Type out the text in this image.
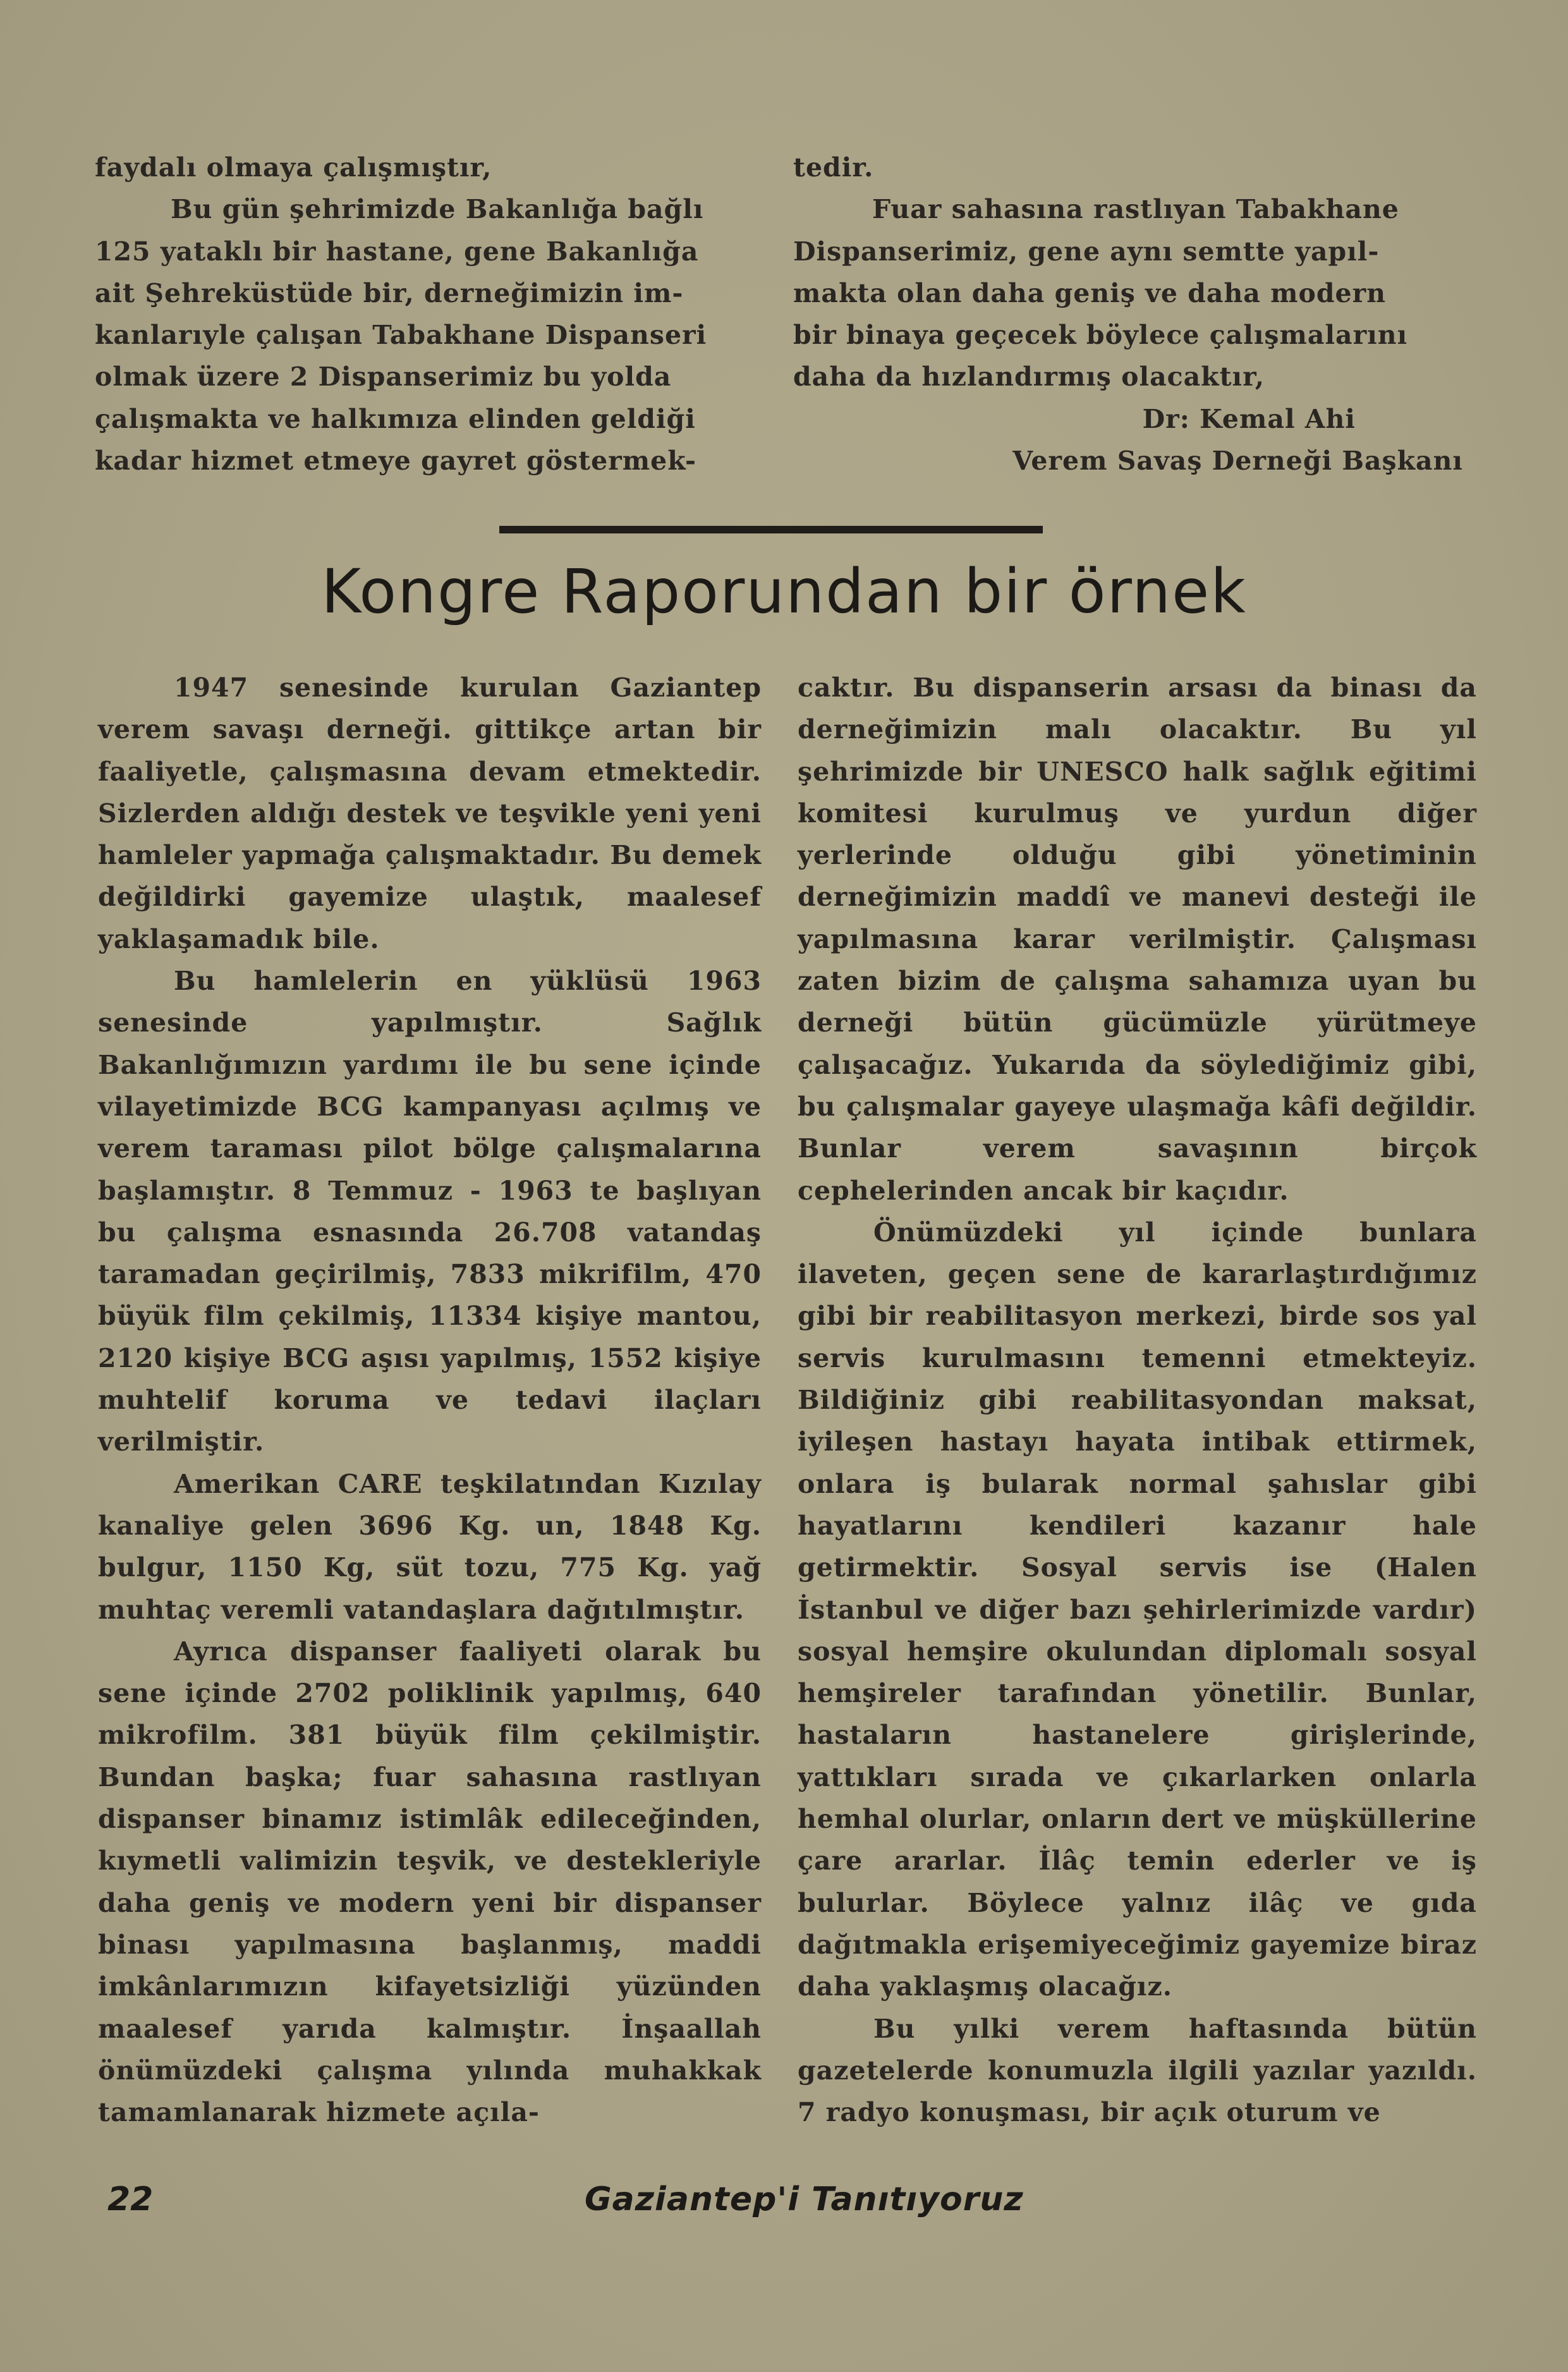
faydalı olmaya çalışmıştır,
Bu gün şehrimizde Bakanlığa bağlı
125 yataklı bir hastane, gene Bakanlığa
ait Şehreküstüde bir, derneğimizin im-
kanlarıyle çalışan Tabakhane Dispanseri
olmak üzere 2 Dispanserimiz bu yolda
çalışmakta ve halkımıza elinden geldiği
kadar hizmet etmeye gayret göstermek-
tedir.
Fuar sahasına rastlıyan Tabakhane
Dispanserimiz, gene aynı semtte yapıl-
makta olan daha geniş ve daha modern
bir binaya geçecek böylece çalışmalarını
daha da hızlandırmış olacaktır,
Dr: Kemal Ahi
Verem Savaş Derneği Başkanı
Kongre Raporundan bir örnek

1947 senesinde kurulan Gaziantep verem savaşı derneği. gittikçe artan bir faaliyetle, çalışmasına devam etmektedir. Sizlerden aldığı destek ve teşvikle yeni yeni hamleler yapmağa çalışmaktadır. Bu demek değildirki gayemize ulaştık, maalesef yaklaşamadık bile.

Bu hamlelerin en yüklüsü 1963 senesinde yapılmıştır. Sağlık Bakanlığımızın yardımı ile bu sene içinde vilayetimizde BCG kampanyası açılmış ve verem taraması pilot bölge çalışmalarına başlamıştır. 8 Temmuz - 1963 te başlıyan bu çalışma esnasında 26.708 vatandaş taramadan geçirilmiş, 7833 mikrifilm, 470 büyük film çekilmiş, 11334 kişiye mantou, 2120 kişiye BCG aşısı yapılmış, 1552 kişiye muhtelif koruma ve tedavi ilaçları verilmiştir.

Amerikan CARE teşkilatından Kızılay kanaliye gelen 3696 Kg. un, 1848 Kg. bulgur, 1150 Kg, süt tozu, 775 Kg. yağ muhtaç veremli vatandaşlara dağıtılmıştır.

Ayrıca dispanser faaliyeti olarak bu sene içinde 2702 poliklinik yapılmış, 640 mikrofilm. 381 büyük film çekilmiştir. Bundan başka; fuar sahasına rastlıyan dispanser binamız istimlâk edileceğinden, kıymetli valimizin teşvik, ve destekleriyle daha geniş ve modern yeni bir dispanser binası yapılmasına başlanmış, maddi imkânlarımızın kifayetsizliği yüzünden maalesef yarıda kalmıştır. İnşaallah önümüzdeki çalışma yılında muhakkak tamamlanarak hizmete açıla-

caktır. Bu dispanserin arsası da binası da derneğimizin malı olacaktır. Bu yıl şehrimizde bir UNESCO halk sağlık eğitimi komitesi kurulmuş ve yurdun diğer yerlerinde olduğu gibi yönetiminin derneğimizin maddî ve manevi desteği ile yapılmasına karar verilmiştir. Çalışması zaten bizim de çalışma sahamıza uyan bu derneği bütün gücümüzle yürütmeye çalışacağız. Yukarıda da söylediğimiz gibi, bu çalışmalar gayeye ulaşmağa kâfi değildir. Bunlar verem savaşının birçok cephelerinden ancak bir kaçıdır.

Önümüzdeki yıl içinde bunlara ilaveten, geçen sene de kararlaştırdığımız gibi bir reabilitasyon merkezi, birde sos yal servis kurulmasını temenni etmekteyiz. Bildiğiniz gibi reabilitasyondan maksat, iyileşen hastayı hayata intibak ettirmek, onlara iş bularak normal şahıslar gibi hayatlarını kendileri kazanır hale getirmektir. Sosyal servis ise (Halen İstanbul ve diğer bazı şehirlerimizde vardır) sosyal hemşire okulundan diplomalı sosyal hemşireler tarafından yönetilir. Bunlar, hastaların hastanelere girişlerinde, yattıkları sırada ve çıkarlarken onlarla hemhal olurlar, onların dert ve müşküllerine çare ararlar. İlâç temin ederler ve iş bulurlar. Böylece yalnız ilâç ve gıda dağıtmakla erişemiyeceğimiz gayemize biraz daha yaklaşmış olacağız.

Bu yılki verem haftasında bütün gazetelerde konumuzla ilgili yazılar yazıldı. 7 radyo konuşması, bir açık oturum ve

22	Gaziantep'i Tanıtıyoruz
